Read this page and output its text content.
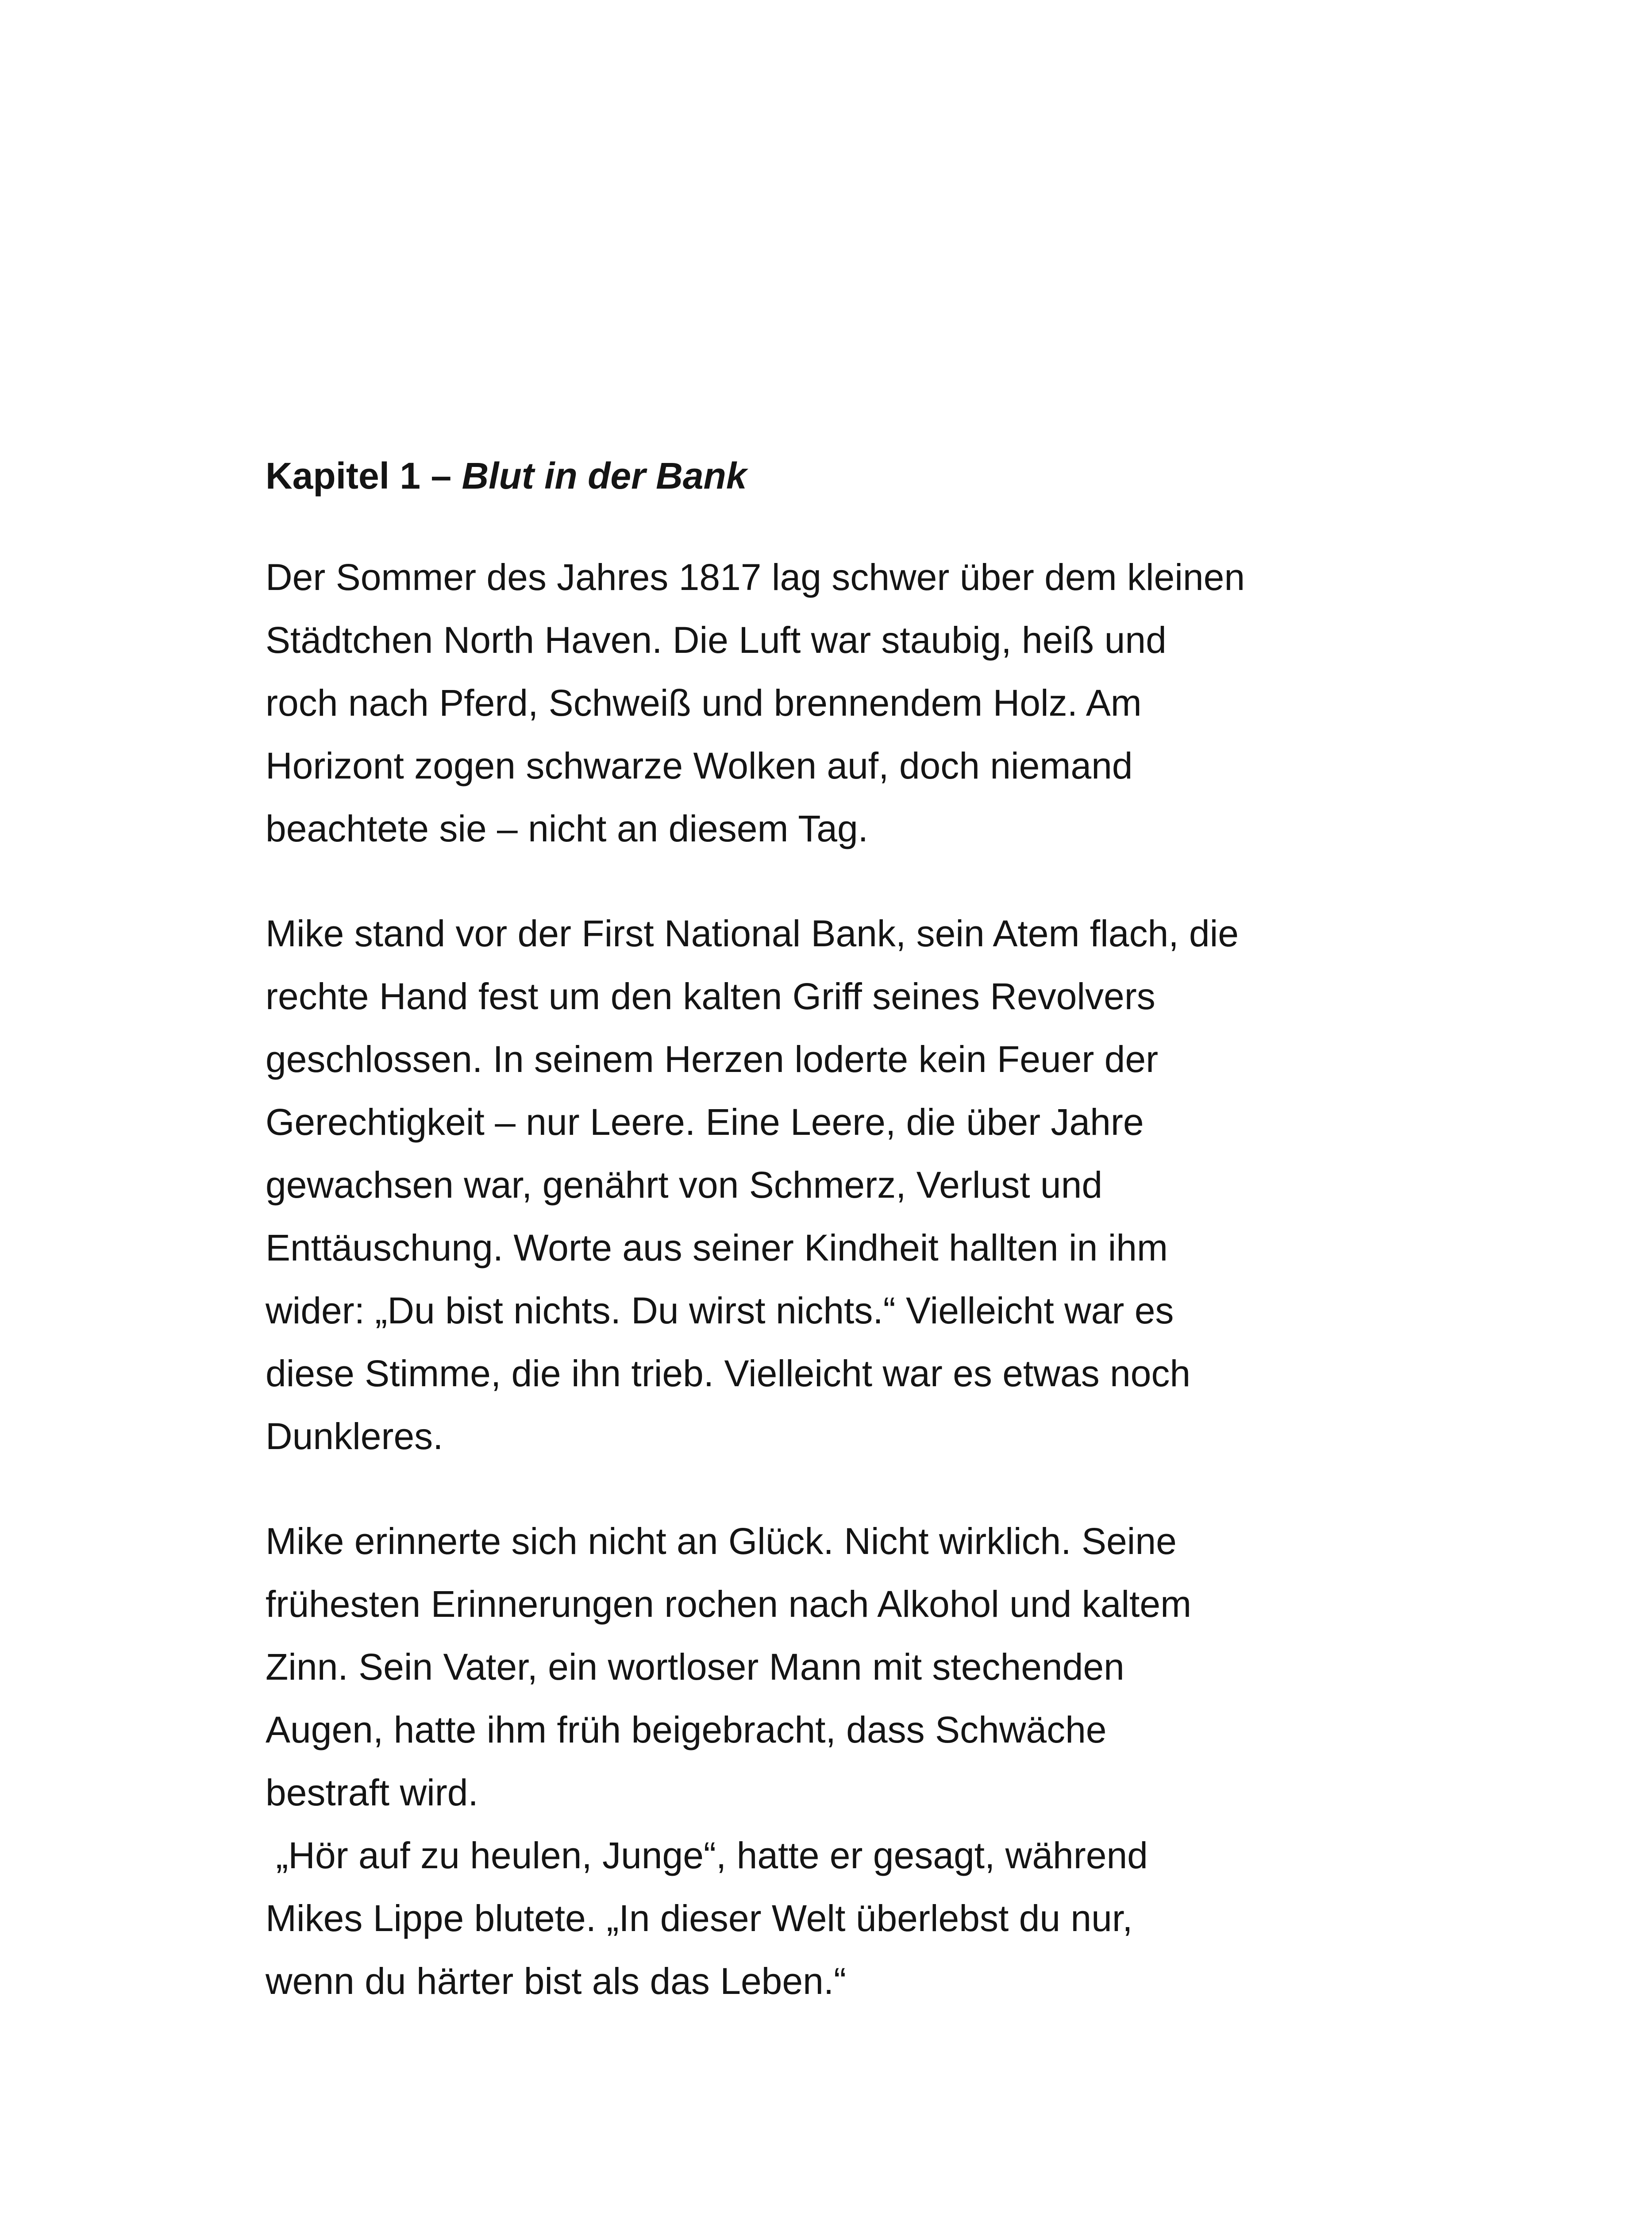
Kapitel 1 – Blut in der Bank
Der Sommer des Jahres 1817 lag schwer über dem kleinen
Städtchen North Haven. Die Luft war staubig, heiß und
roch nach Pferd, Schweiß und brennendem Holz. Am
Horizont zogen schwarze Wolken auf, doch niemand
beachtete sie – nicht an diesem Tag.
Mike stand vor der First National Bank, sein Atem flach, die
rechte Hand fest um den kalten Griff seines Revolvers
geschlossen. In seinem Herzen loderte kein Feuer der
Gerechtigkeit – nur Leere. Eine Leere, die über Jahre
gewachsen war, genährt von Schmerz, Verlust und
Enttäuschung. Worte aus seiner Kindheit hallten in ihm
wider: „Du bist nichts. Du wirst nichts.“ Vielleicht war es
diese Stimme, die ihn trieb. Vielleicht war es etwas noch
Dunkleres.
Mike erinnerte sich nicht an Glück. Nicht wirklich. Seine
frühesten Erinnerungen rochen nach Alkohol und kaltem
Zinn. Sein Vater, ein wortloser Mann mit stechenden
Augen, hatte ihm früh beigebracht, dass Schwäche
bestraft wird.
„Hör auf zu heulen, Junge“, hatte er gesagt, während
Mikes Lippe blutete. „In dieser Welt überlebst du nur,
wenn du härter bist als das Leben.“
